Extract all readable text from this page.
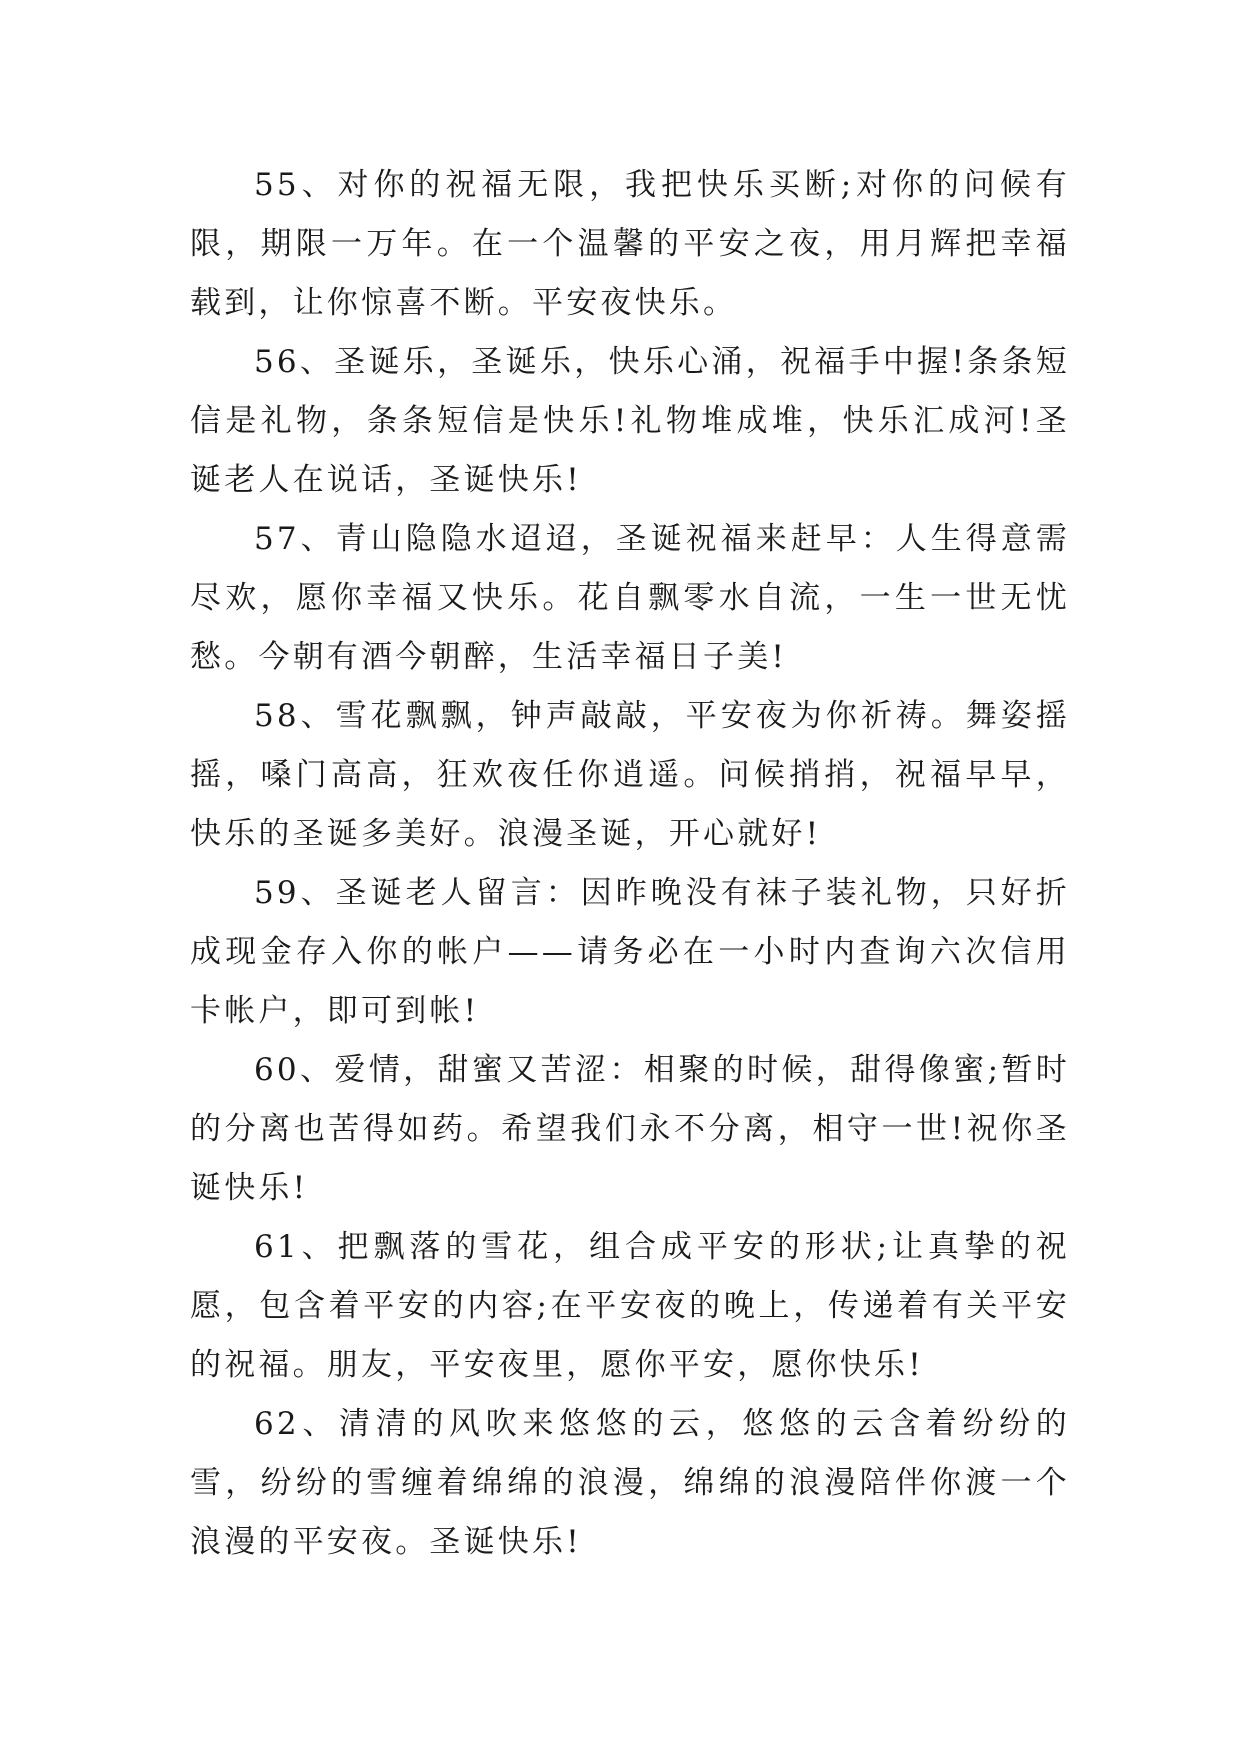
55、对你的祝福无限，我把快乐买断;对你的问候有限，期限一万年。在一个温馨的平安之夜，用月辉把幸福载到，让你惊喜不断。平安夜快乐。

56、圣诞乐，圣诞乐，快乐心涌，祝福手中握!条条短信是礼物，条条短信是快乐!礼物堆成堆，快乐汇成河!圣诞老人在说话，圣诞快乐!

57、青山隐隐水迢迢，圣诞祝福来赶早：人生得意需尽欢，愿你幸福又快乐。花自飘零水自流，一生一世无忧愁。今朝有酒今朝醉，生活幸福日子美!

58、雪花飘飘，钟声敲敲，平安夜为你祈祷。舞姿摇摇，嗓门高高，狂欢夜任你逍遥。问候捎捎，祝福早早，快乐的圣诞多美好。浪漫圣诞，开心就好!

59、圣诞老人留言：因昨晚没有袜子装礼物，只好折成现金存入你的帐户——请务必在一小时内查询六次信用卡帐户，即可到帐!

60、爱情，甜蜜又苦涩：相聚的时候，甜得像蜜;暂时的分离也苦得如药。希望我们永不分离，相守一世!祝你圣诞快乐!

61、把飘落的雪花，组合成平安的形状;让真挚的祝愿，包含着平安的内容;在平安夜的晚上，传递着有关平安的祝福。朋友，平安夜里，愿你平安，愿你快乐!

62、清清的风吹来悠悠的云，悠悠的云含着纷纷的雪，纷纷的雪缠着绵绵的浪漫，绵绵的浪漫陪伴你渡一个浪漫的平安夜。圣诞快乐!
